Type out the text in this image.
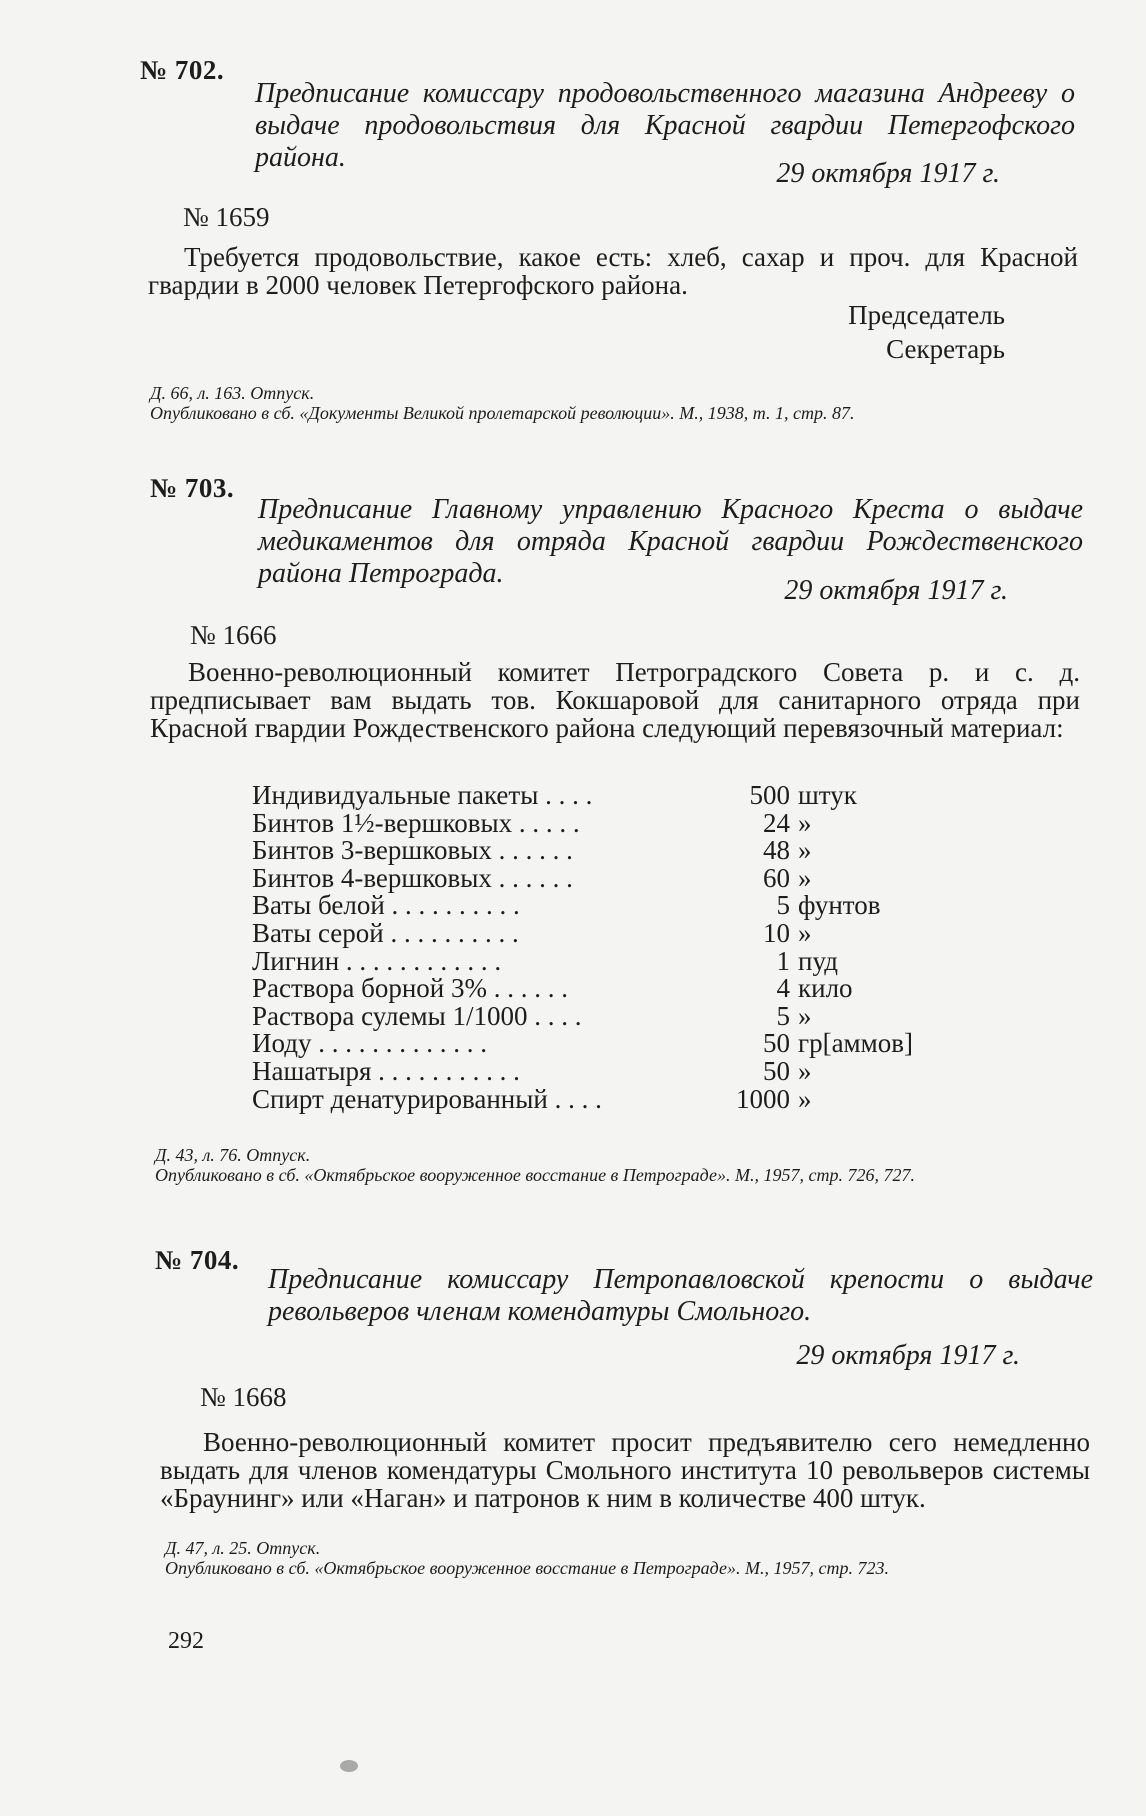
№ 702.
Предписание комиссару продовольственного магазина Андрееву о выдаче продовольствия для Красной гвардии Петергофского района.
29 октября 1917 г.
№ 1659
Требуется продовольствие, какое есть: хлеб, сахар и проч. для Красной гвардии в 2000 человек Петергофского района.
Председатель
Секретарь
Д. 66, л. 163. Отпуск.
Опубликовано в сб. «Документы Великой пролетарской революции». М., 1938, т. 1, стр. 87.
№ 703.
Предписание Главному управлению Красного Креста о выдаче медикаментов для отряда Красной гвардии Рождественского района Петрограда.
29 октября 1917 г.
№ 1666
Военно-революционный комитет Петроградского Совета р. и с. д. предписывает вам выдать тов. Кокшаровой для санитарного отряда при Красной гвардии Рождественского района следующий перевязочный материал:
Индивидуальные пакеты . . . .	500 штук
Бинтов 1½-вершковых . . . . .	24 »
Бинтов 3-вершковых . . . . . .	48 »
Бинтов 4-вершковых . . . . . .	60 »
Ваты белой . . . . . . . . . .	5 фунтов
Ваты серой . . . . . . . . . .	10 »
Лигнин . . . . . . . . . . . .	1 пуд
Раствора борной 3% . . . . . .	4 кило
Раствора сулемы 1/1000 . . . .	5 »
Иоду . . . . . . . . . . . . .	50 гр[аммов]
Нашатыря . . . . . . . . . . .	50 »
Спирт денатурированный . . . .	1000 »
Д. 43, л. 76. Отпуск.
Опубликовано в сб. «Октябрьское вооруженное восстание в Петрограде». М., 1957, стр. 726, 727.
№ 704.
Предписание комиссару Петропавловской крепости о выдаче револьверов членам комендатуры Смольного.
29 октября 1917 г.
№ 1668
Военно-революционный комитет просит предъявителю сего немедленно выдать для членов комендатуры Смольного института 10 револьверов системы «Браунинг» или «Наган» и патронов к ним в количестве 400 штук.
Д. 47, л. 25. Отпуск.
Опубликовано в сб. «Октябрьское вооруженное восстание в Петрограде». М., 1957, стр. 723.
292
